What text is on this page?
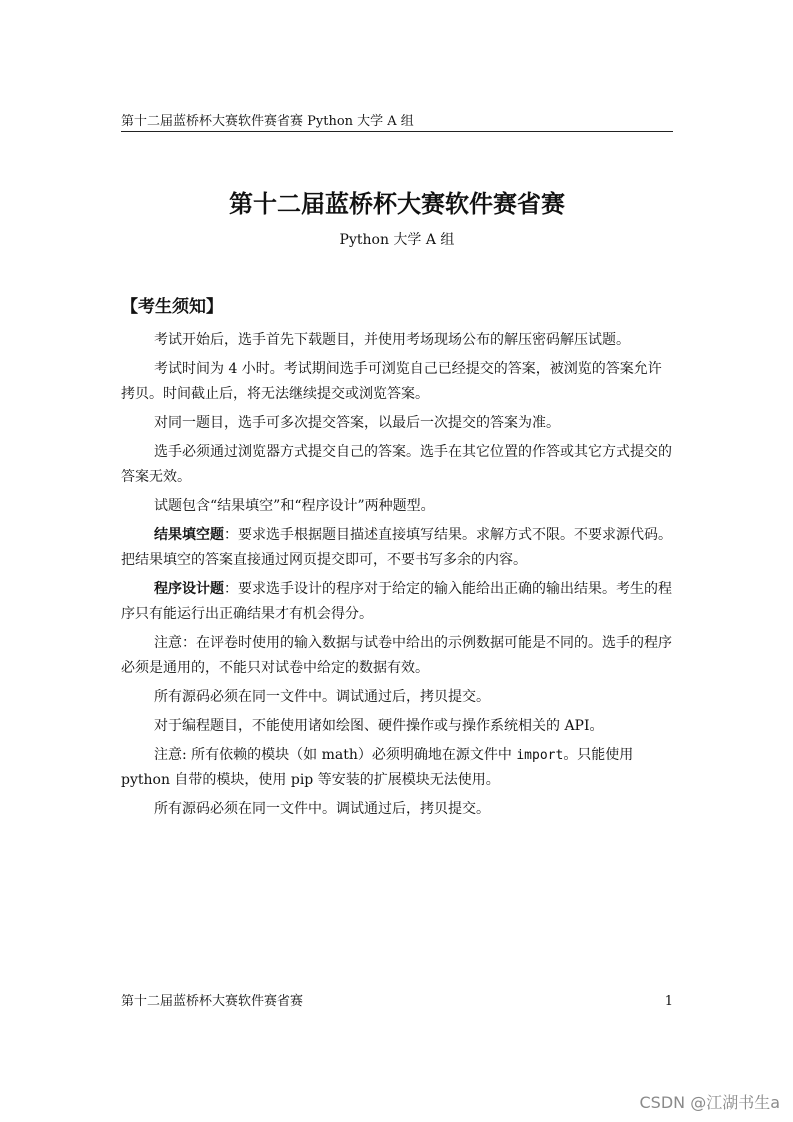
第十二届蓝桥杯大赛软件赛省赛 Python 大学 A 组
第十二届蓝桥杯大赛软件赛省赛
Python 大学 A 组
【考生须知】

考试开始后，选手首先下载题目，并使用考场现场公布的解压密码解压试题。

考试时间为 4 小时。考试期间选手可浏览自己已经提交的答案，被浏览的答案允许拷贝。时间截止后，将无法继续提交或浏览答案。

对同一题目，选手可多次提交答案，以最后一次提交的答案为准。

选手必须通过浏览器方式提交自己的答案。选手在其它位置的作答或其它方式提交的答案无效。

试题包含“结果填空”和“程序设计”两种题型。

结果填空题：要求选手根据题目描述直接填写结果。求解方式不限。不要求源代码。把结果填空的答案直接通过网页提交即可，不要书写多余的内容。

程序设计题：要求选手设计的程序对于给定的输入能给出正确的输出结果。考生的程序只有能运行出正确结果才有机会得分。

注意：在评卷时使用的输入数据与试卷中给出的示例数据可能是不同的。选手的程序必须是通用的，不能只对试卷中给定的数据有效。

所有源码必须在同一文件中。调试通过后，拷贝提交。

对于编程题目，不能使用诸如绘图、硬件操作或与操作系统相关的 API。

注意: 所有依赖的模块（如 math）必须明确地在源文件中 import。只能使用 python 自带的模块，使用 pip 等安装的扩展模块无法使用。

所有源码必须在同一文件中。调试通过后，拷贝提交。

第十二届蓝桥杯大赛软件赛省赛	1
CSDN @江湖书生a
